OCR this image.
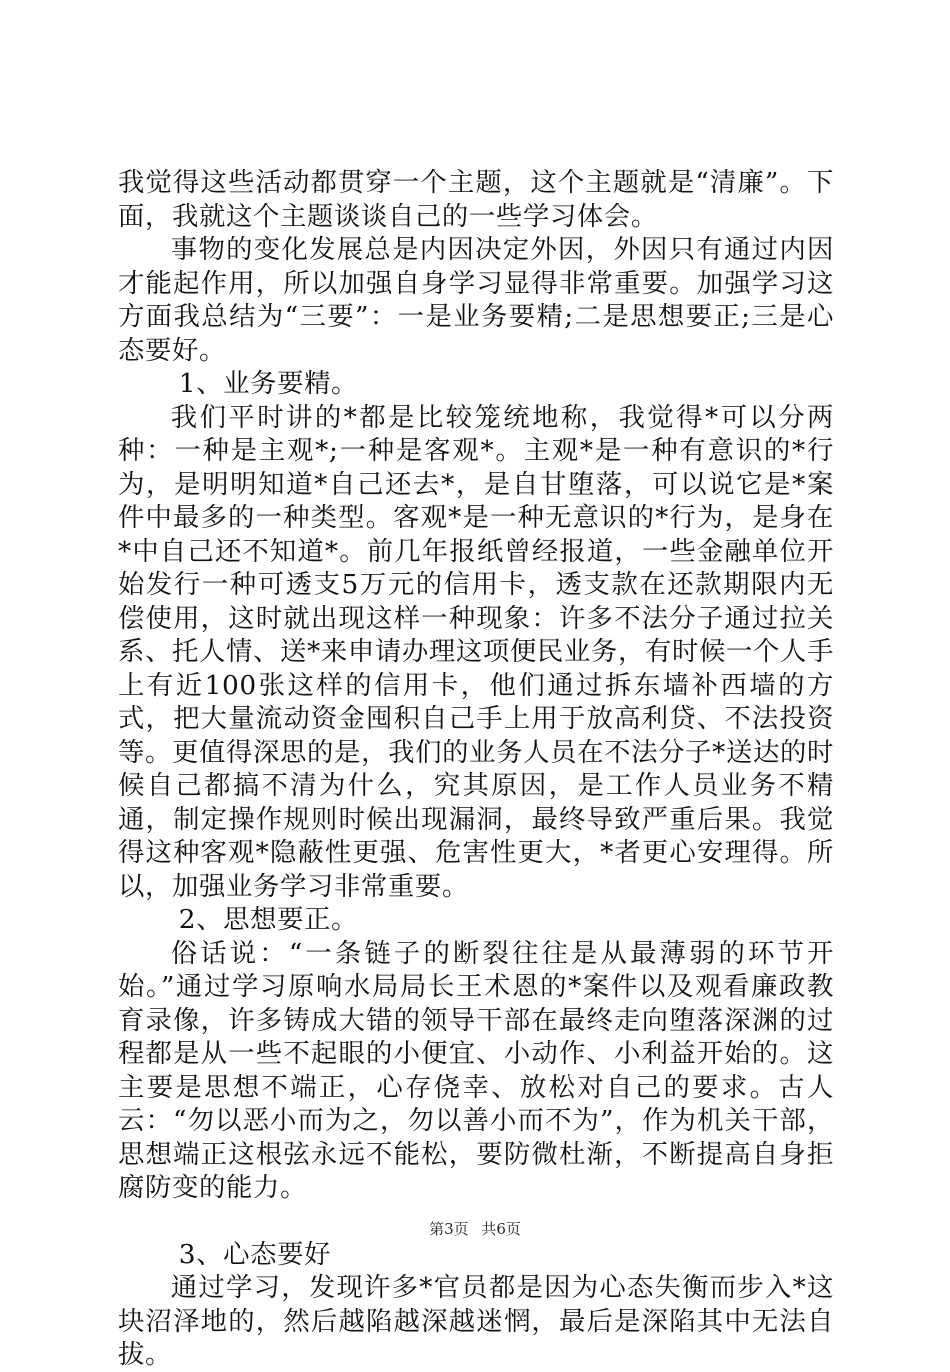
我觉得这些活动都贯穿一个主题，这个主题就是“清廉”。下面，我就这个主题谈谈自己的一些学习体会。

事物的变化发展总是内因决定外因，外因只有通过内因才能起作用，所以加强自身学习显得非常重要。加强学习这方面我总结为“三要”：一是业务要精;二是思想要正;三是心态要好。

1、业务要精。

我们平时讲的*都是比较笼统地称，我觉得*可以分两种：一种是主观*;一种是客观*。主观*是一种有意识的*行为，是明明知道*自己还去*，是自甘堕落，可以说它是*案件中最多的一种类型。客观*是一种无意识的*行为，是身在*中自己还不知道*。前几年报纸曾经报道，一些金融单位开始发行一种可透支5万元的信用卡，透支款在还款期限内无偿使用，这时就出现这样一种现象：许多不法分子通过拉关系、托人情、送*来申请办理这项便民业务，有时候一个人手上有近100张这样的信用卡，他们通过拆东墙补西墙的方式，把大量流动资金囤积自己手上用于放高利贷、不法投资等。更值得深思的是，我们的业务人员在不法分子*送达的时候自己都搞不清为什么，究其原因，是工作人员业务不精通，制定操作规则时候出现漏洞，最终导致严重后果。我觉得这种客观*隐蔽性更强、危害性更大，*者更心安理得。所以，加强业务学习非常重要。

2、思想要正。

俗话说：“一条链子的断裂往往是从最薄弱的环节开始。”通过学习原响水局局长王术恩的*案件以及观看廉政教育录像，许多铸成大错的领导干部在最终走向堕落深渊的过程都是从一些不起眼的小便宜、小动作、小利益开始的。这主要是思想不端正，心存侥幸、放松对自己的要求。古人云：“勿以恶小而为之，勿以善小而不为”，作为机关干部，思想端正这根弦永远不能松，要防微杜渐，不断提高自身拒腐防变的能力。

3、心态要好

通过学习，发现许多*官员都是因为心态失衡而步入*这块沼泽地的，然后越陷越深越迷惘，最后是深陷其中无法自拔。

第3页 共6页
